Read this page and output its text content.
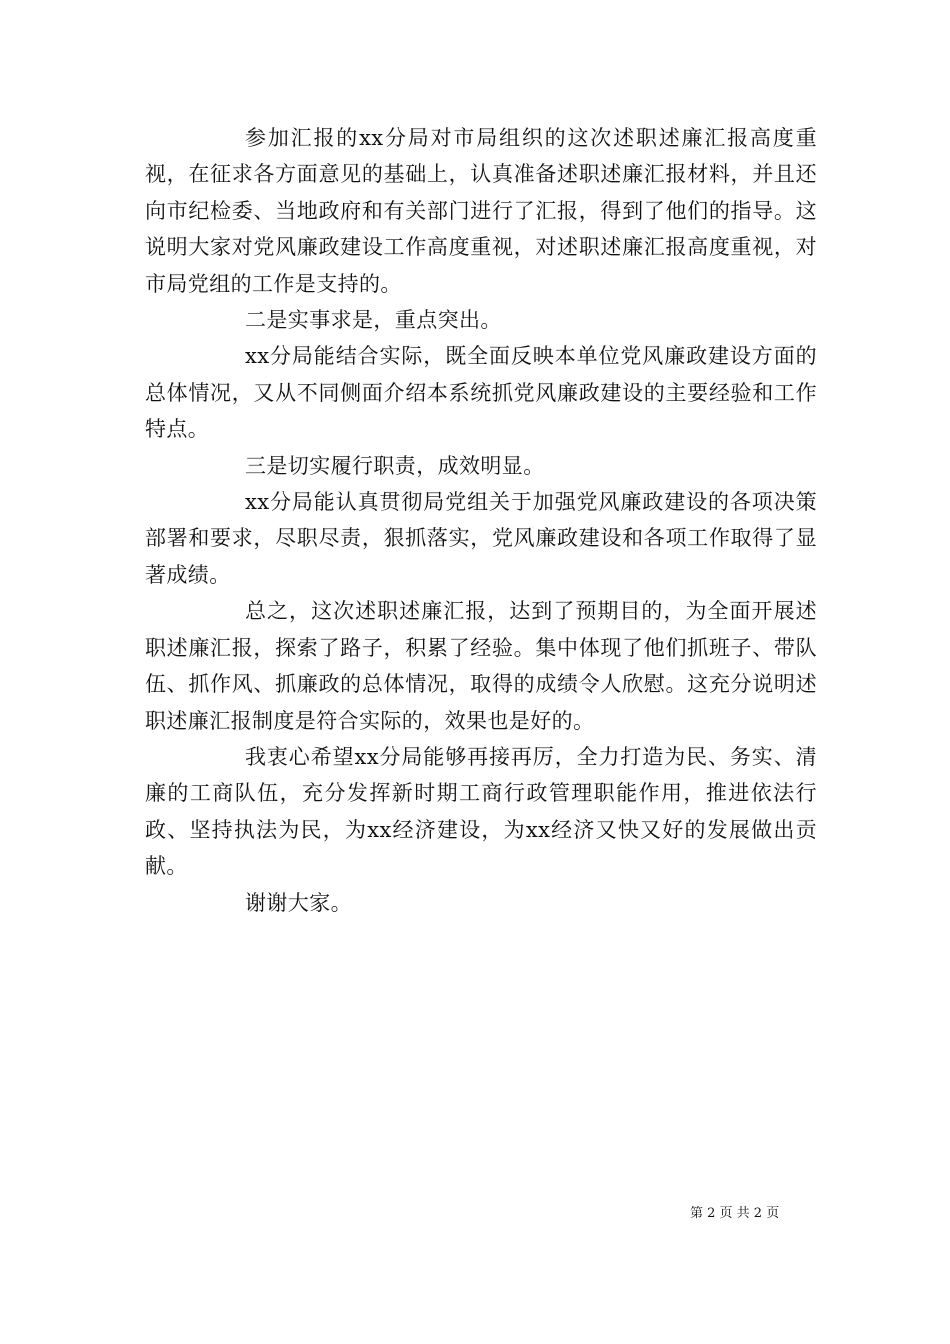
参加汇报的xx分局对市局组织的这次述职述廉汇报高度重视，在征求各方面意见的基础上，认真准备述职述廉汇报材料，并且还向市纪检委、当地政府和有关部门进行了汇报，得到了他们的指导。这说明大家对党风廉政建设工作高度重视，对述职述廉汇报高度重视，对市局党组的工作是支持的。

二是实事求是，重点突出。

xx分局能结合实际，既全面反映本单位党风廉政建设方面的总体情况，又从不同侧面介绍本系统抓党风廉政建设的主要经验和工作特点。

三是切实履行职责，成效明显。

xx分局能认真贯彻局党组关于加强党风廉政建设的各项决策部署和要求，尽职尽责，狠抓落实，党风廉政建设和各项工作取得了显著成绩。

总之，这次述职述廉汇报，达到了预期目的，为全面开展述职述廉汇报，探索了路子，积累了经验。集中体现了他们抓班子、带队伍、抓作风、抓廉政的总体情况，取得的成绩令人欣慰。这充分说明述职述廉汇报制度是符合实际的，效果也是好的。

我衷心希望xx分局能够再接再厉，全力打造为民、务实、清廉的工商队伍，充分发挥新时期工商行政管理职能作用，推进依法行政、坚持执法为民，为xx经济建设，为xx经济又快又好的发展做出贡献。

谢谢大家。

第 2 页 共 2 页
